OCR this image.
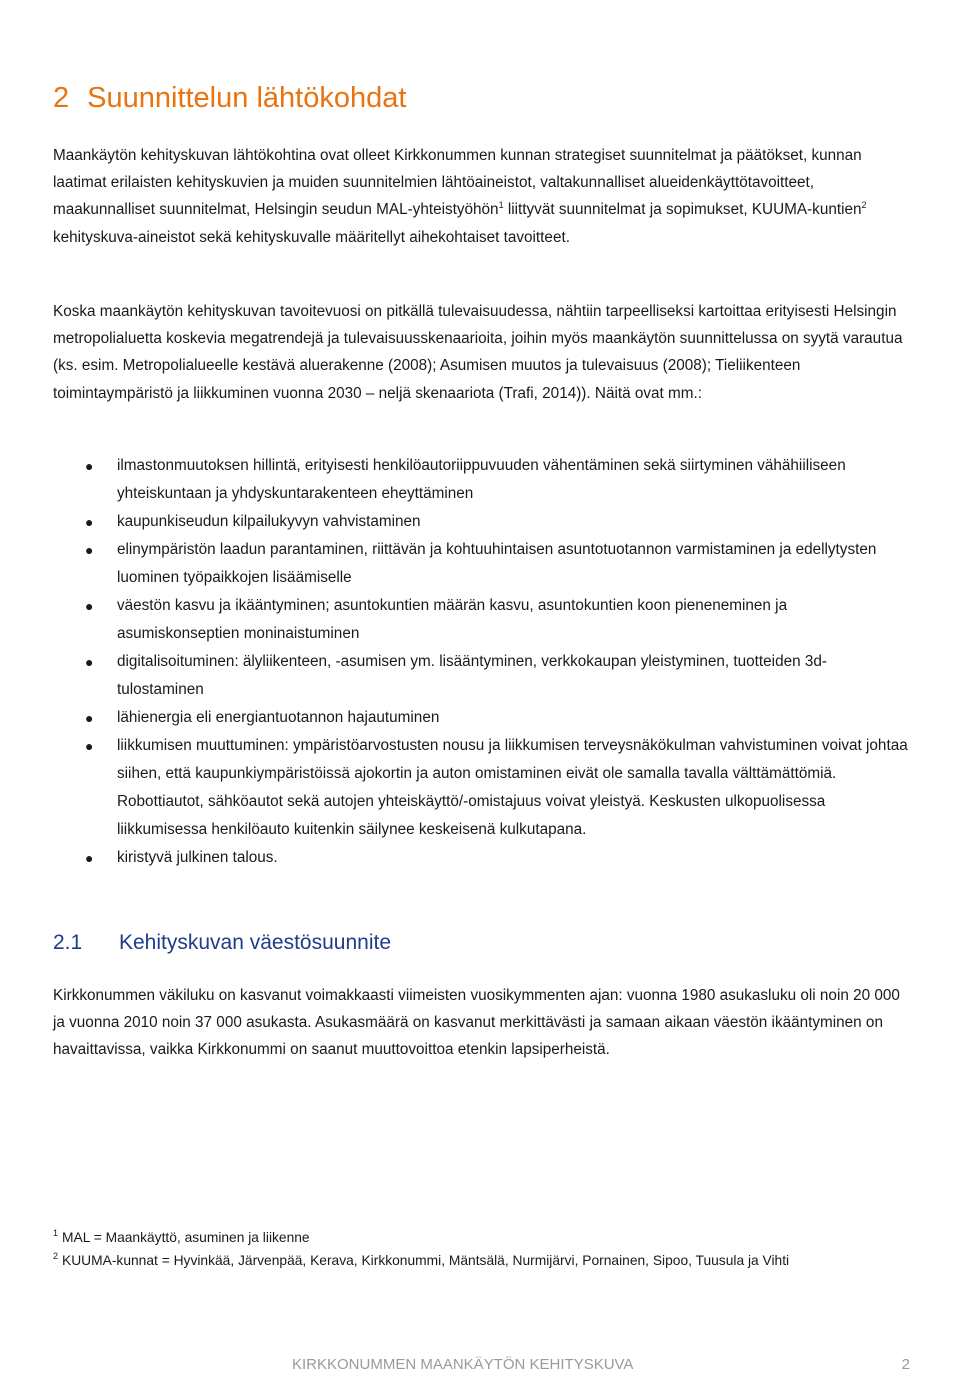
2 Suunnittelun lähtökohdat

Maankäytön kehityskuvan lähtökohtina ovat olleet Kirkkonummen kunnan strategiset suunnitelmat ja päätökset, kunnan laatimat erilaisten kehityskuvien ja muiden suunnitelmien lähtöaineistot, valtakunnalliset alueidenkäyttötavoitteet, maakunnalliset suunnitelmat, Helsingin seudun MAL-yhteistyöhön$^1$ liittyvät suunnitelmat ja sopimukset, KUUMA-kuntien$^2$ kehityskuva-aineistot sekä kehityskuvalle määritellyt aihekohtaiset tavoitteet.

Koska maankäytön kehityskuvan tavoitevuosi on pitkällä tulevaisuudessa, nähtiin tarpeelliseksi kartoittaa erityisesti Helsingin metropolialuetta koskevia megatrendejä ja tulevaisuusskenaarioita, joihin myös maankäytön suunnittelussa on syytä varautua (ks. esim. Metropolialueelle kestävä aluerakenne (2008); Asumisen muutos ja tulevaisuus (2008); Tieliikenteen toimintaympäristö ja liikkuminen vuonna 2030 – neljä skenaariota (Trafi, 2014)). Näitä ovat mm.:

● ilmastonmuutoksen hillintä, erityisesti henkilöautoriippuvuuden vähentäminen sekä siirtyminen vähähiiliseen yhteiskuntaan ja yhdyskuntarakenteen eheyttäminen
● kaupunkiseudun kilpailukyvyn vahvistaminen
● elinympäristön laadun parantaminen, riittävän ja kohtuuhintaisen asuntotuotannon varmistaminen ja edellytysten luominen työpaikkojen lisäämiselle
● väestön kasvu ja ikääntyminen; asuntokuntien määrän kasvu, asuntokuntien koon pieneneminen ja asumiskonseptien moninaistuminen
● digitalisoituminen: älyliikenteen, -asumisen ym. lisääntyminen, verkkokaupan yleistyminen, tuotteiden 3d-tulostaminen
● lähienergia eli energiantuotannon hajautuminen
● liikkumisen muuttuminen: ympäristöarvostusten nousu ja liikkumisen terveysnäkökulman vahvistuminen voivat johtaa siihen, että kaupunkiympäristöissä ajokortin ja auton omistaminen eivät ole samalla tavalla välttämättömiä. Robottiautot, sähköautot sekä autojen yhteiskäyttö/-omistajuus voivat yleistyä. Keskusten ulkopuolisessa liikkumisessa henkilöauto kuitenkin säilynee keskeisenä kulkutapana.
● kiristyvä julkinen talous.
2.1 Kehityskuvan väestösuunnite

Kirkkonummen väkiluku on kasvanut voimakkaasti viimeisten vuosikymmenten ajan: vuonna 1980 asukasluku oli noin 20 000 ja vuonna 2010 noin 37 000 asukasta. Asukasmäärä on kasvanut merkittävästi ja samaan aikaan väestön ikääntyminen on havaittavissa, vaikka Kirkkonummi on saanut muuttovoittoa etenkin lapsiperheistä.

$^1$ MAL = Maankäyttö, asuminen ja liikenne
$^2$ KUUMA-kunnat = Hyvinkää, Järvenpää, Kerava, Kirkkonummi, Mäntsälä, Nurmijärvi, Pornainen, Sipoo, Tuusula ja Vihti
KIRKKONUMMEN MAANKÄYTÖN KEHITYSKUVA	2
